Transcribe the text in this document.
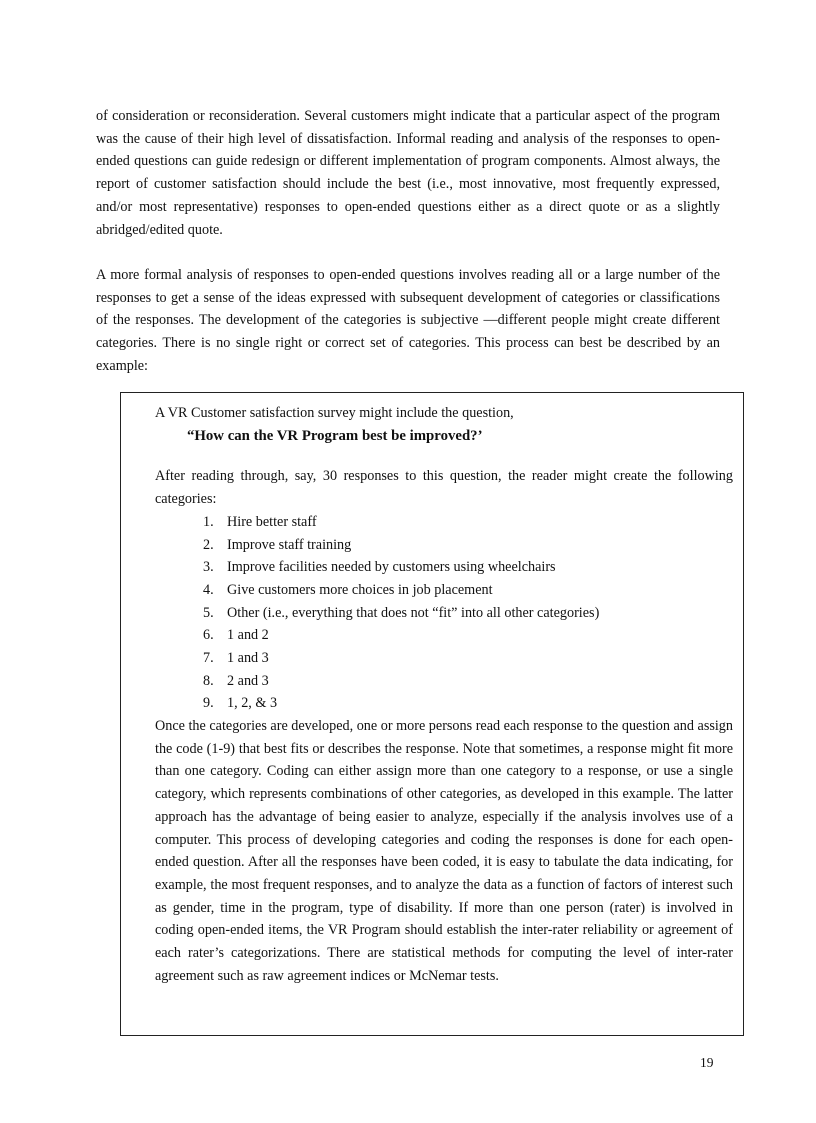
of consideration or reconsideration. Several customers might indicate that a particular aspect of the program was the cause of their high level of dissatisfaction. Informal reading and analysis of the responses to open-ended questions can guide redesign or different implementation of program components. Almost always, the report of customer satisfaction should include the best (i.e., most innovative, most frequently expressed, and/or most representative) responses to open-ended questions either as a direct quote or as a slightly abridged/edited quote.

A more formal analysis of responses to open-ended questions involves reading all or a large number of the responses to get a sense of the ideas expressed with subsequent development of categories or classifications of the responses. The development of the categories is subjective —different people might create different categories. There is no single right or correct set of categories. This process can best be described by an example:

A VR Customer satisfaction survey might include the question,

“How can the VR Program best be improved?’

After reading through, say, 30 responses to this question, the reader might create the following categories:

1. Hire better staff
2. Improve staff training
3. Improve facilities needed by customers using wheelchairs
4. Give customers more choices in job placement
5. Other (i.e., everything that does not “fit” into all other categories)
6. 1 and 2
7. 1 and 3
8. 2 and 3
9. 1, 2, & 3

Once the categories are developed, one or more persons read each response to the question and assign the code (1-9) that best fits or describes the response. Note that sometimes, a response might fit more than one category. Coding can either assign more than one category to a response, or use a single category, which represents combinations of other categories, as developed in this example. The latter approach has the advantage of being easier to analyze, especially if the analysis involves use of a computer. This process of developing categories and coding the responses is done for each open-ended question. After all the responses have been coded, it is easy to tabulate the data indicating, for example, the most frequent responses, and to analyze the data as a function of factors of interest such as gender, time in the program, type of disability. If more than one person (rater) is involved in coding open-ended items, the VR Program should establish the inter-rater reliability or agreement of each rater’s categorizations. There are statistical methods for computing the level of inter-rater agreement such as raw agreement indices or McNemar tests.

19
